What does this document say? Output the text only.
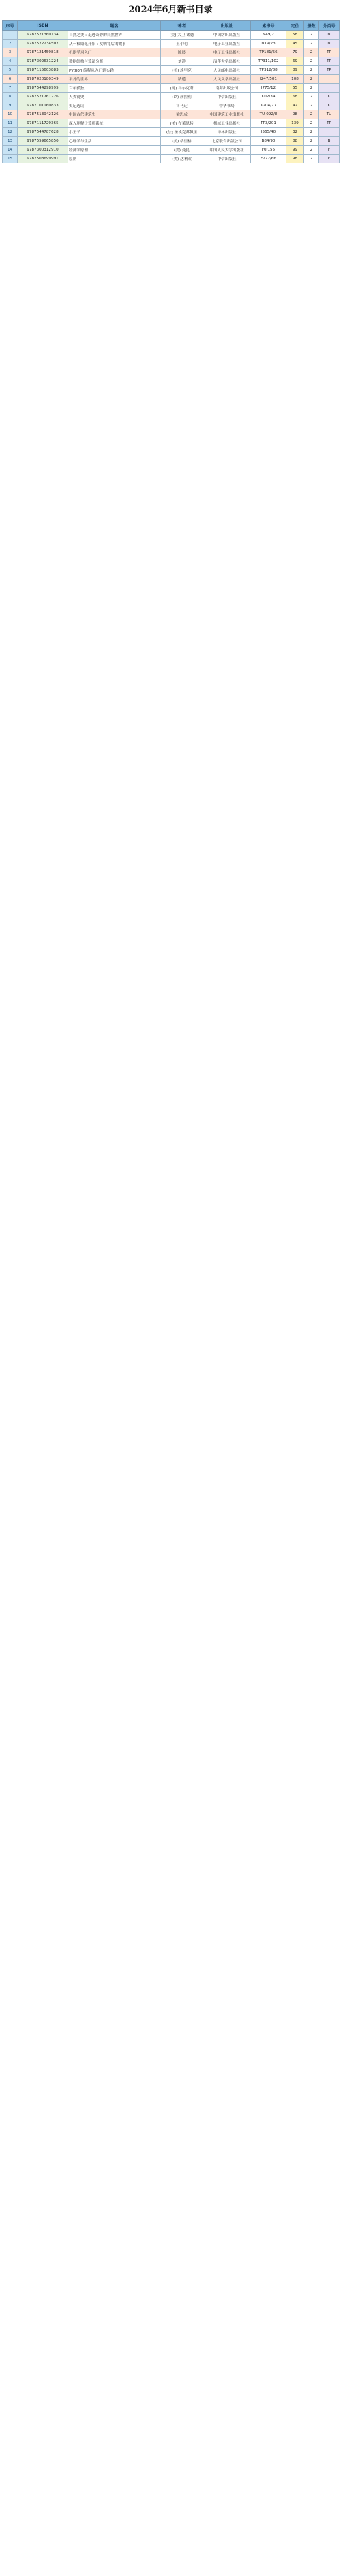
2024年6月新书目录
序号	ISBN	题名	著者	出版社	索书号	定价	册数	分类号
1	9787521360134	自然之美 : 走进奇妙的自然世界	(美) 大卫·诺德	中国纺织出版社	N49/2	58	2	N
2	9787572234507	从一根铅笔开始 : 发明背后的故事	王小明	电子工业出版社	N19/23	45	2	N
3	9787121459818	机器学习入门	陈晨	电子工业出版社	TP181/56	79	2	TP
4	9787302631224	数据结构与算法分析	刘洋	清华大学出版社	TP311/102	69	2	TP
5	9787115603883	Python 编程从入门到实践	(美) 埃里克	人民邮电出版社	TP312/88	89	2	TP
6	9787020180349	平凡的世界	路遥	人民文学出版社	I247/501	108	2	I
7	9787544298995	百年孤独	(哥) 马尔克斯	南海出版公司	I775/12	55	2	I
8	9787521761226	人类简史	(以) 赫拉利	中信出版社	K02/34	68	2	K
9	9787101160833	史记选读	司马迁	中华书局	K204/77	42	2	K
10	9787513942126	中国古代建筑史	梁思成	中国建筑工业出版社	TU-092/8	98	2	TU
11	9787111729365	深入理解计算机系统	(美) 布莱恩特	机械工业出版社	TP3/201	139	2	TP
12	9787544787628	小王子	(法) 圣埃克苏佩里	译林出版社	I565/40	32	2	I
13	9787559665850	心理学与生活	(美) 格里格	北京联合出版公司	B84/90	88	2	B
14	9787300312910	经济学原理	(美) 曼昆	中国人民大学出版社	F0/155	99	2	F
15	9787508699991	原则	(美) 达利欧	中信出版社	F272/66	98	2	F
